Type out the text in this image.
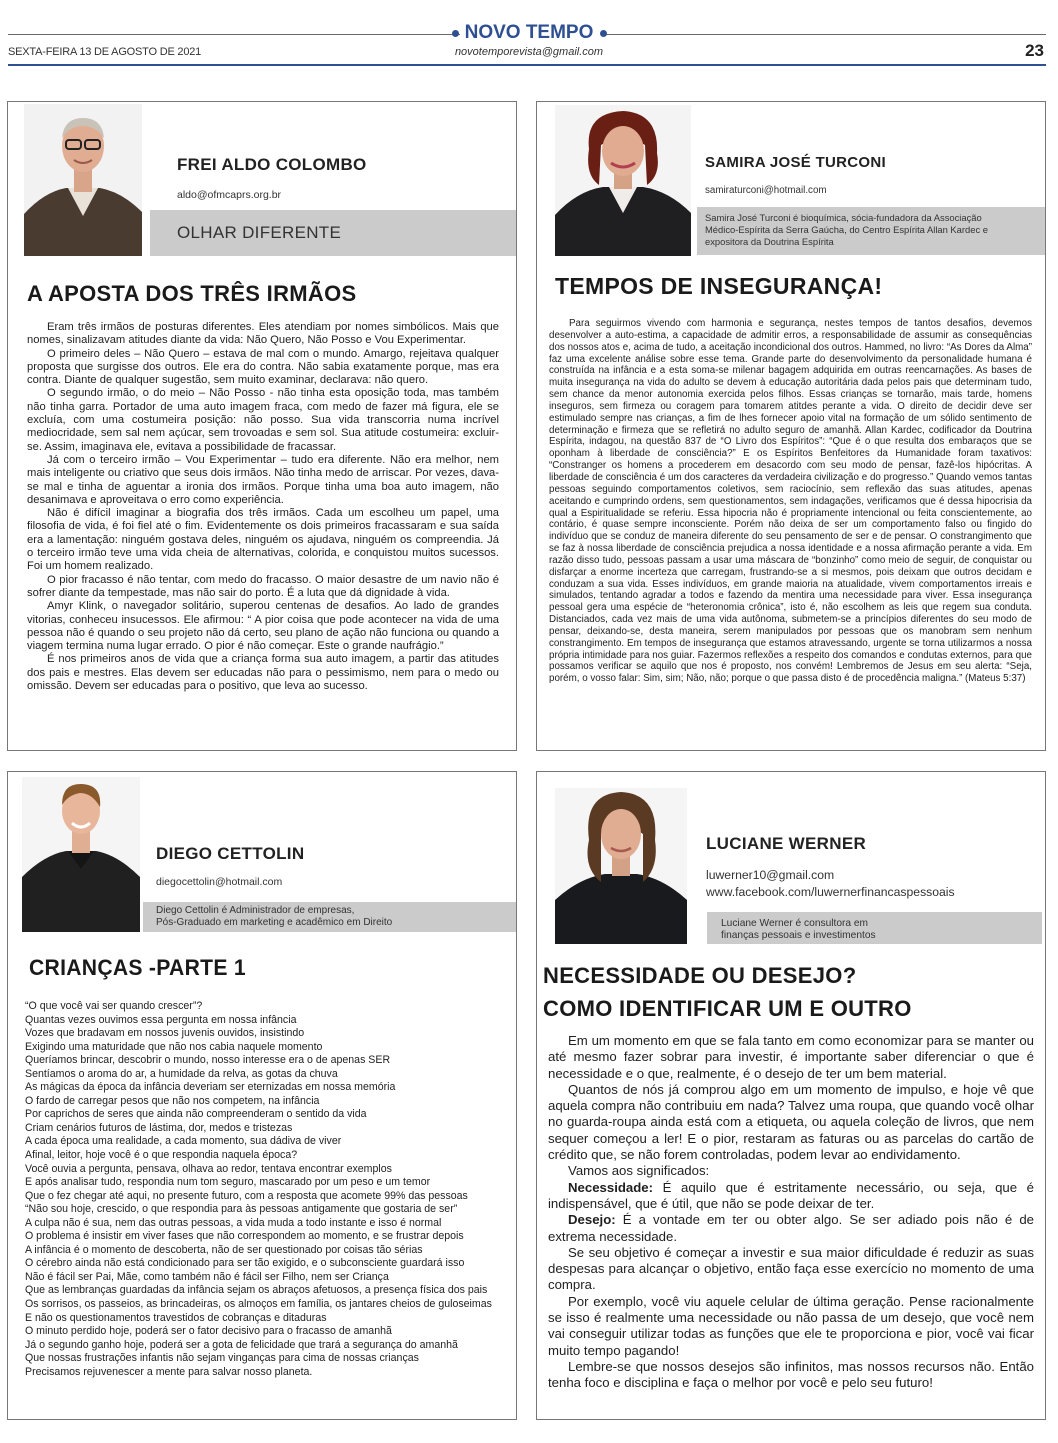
NOVO TEMPO
SEXTA-FEIRA 13 DE AGOSTO DE 2021	novotemporevista@gmail.com	23
FREI ALDO COLOMBO
aldo@ofmcaprs.org.br
OLHAR DIFERENTE
A APOSTA DOS TRÊS IRMÃOS

Eram três irmãos de posturas diferentes. Eles atendiam por nomes simbólicos. Mais que nomes, sinalizavam atitudes diante da vida: Não Quero, Não Posso e Vou Experimentar.

O primeiro deles – Não Quero – estava de mal com o mundo. Amargo, rejeitava qualquer proposta que surgisse dos outros. Ele era do contra. Não sabia exatamente porque, mas era contra. Diante de qualquer sugestão, sem muito examinar, declarava: não quero.

O segundo irmão, o do meio – Não Posso - não tinha esta oposição toda, mas também não tinha garra. Portador de uma auto imagem fraca, com medo de fazer má figura, ele se excluía, com uma costumeira posição: não posso. Sua vida transcorria numa incrível mediocridade, sem sal nem açúcar, sem trovoadas e sem sol. Sua atitude costumeira: excluir-se. Assim, imaginava ele, evitava a possibilidade de fracassar.

Já com o terceiro irmão – Vou Experimentar – tudo era diferente. Não era melhor, nem mais inteligente ou criativo que seus dois irmãos. Não tinha medo de arriscar. Por vezes, dava-se mal e tinha de aguentar a ironia dos irmãos. Porque tinha uma boa auto imagem, não desanimava e aproveitava o erro como experiência.

Não é difícil imaginar a biografia dos três irmãos. Cada um escolheu um papel, uma filosofia de vida, é foi fiel até o fim. Evidentemente os dois primeiros fracassaram e sua saída era a lamentação: ninguém gostava deles, ninguém os ajudava, ninguém os compreendia. Já o terceiro irmão teve uma vida cheia de alternativas, colorida, e conquistou muitos sucessos. Foi um homem realizado.

O pior fracasso é não tentar, com medo do fracasso. O maior desastre de um navio não é sofrer diante da tempestade, mas não sair do porto. É a luta que dá dignidade à vida.

Amyr Klink, o navegador solitário, superou centenas de desafios. Ao lado de grandes vitorias, conheceu insucessos. Ele afirmou: “ A pior coisa que pode acontecer na vida de uma pessoa não é quando o seu projeto não dá certo, seu plano de ação não funciona ou quando a viagem termina numa lugar errado. O pior é não começar. Este o grande naufrágio.”

É nos primeiros anos de vida que a criança forma sua auto imagem, a partir das atitudes dos pais e mestres. Elas devem ser educadas não para o pessimismo, nem para o medo ou omissão. Devem ser educadas para o positivo, que leva ao sucesso.

SAMIRA JOSÉ TURCONI
samiraturconi@hotmail.com
Samira José Turconi é bioquímica, sócia-fundadora da Associação Médico-Espírita da Serra Gaúcha, do Centro Espírita Allan Kardec e expositora da Doutrina Espírita
TEMPOS DE INSEGURANÇA!

Para seguirmos vivendo com harmonia e segurança, nestes tempos de tantos desafios, devemos desenvolver a auto-estima, a capacidade de admitir erros, a responsabilidade de assumir as consequências dos nossos atos e, acima de tudo, a aceitação incondicional dos outros. Hammed, no livro: “As Dores da Alma” faz uma excelente análise sobre esse tema. Grande parte do desenvolvimento da personalidade humana é construída na infância e a esta soma-se milenar bagagem adquirida em outras reencarnações. As bases de muita insegurança na vida do adulto se devem à educação autoritária dada pelos pais que determinam tudo, sem chance da menor autonomia exercida pelos filhos. Essas crianças se tornarão, mais tarde, homens inseguros, sem firmeza ou coragem para tomarem atitdes perante a vida. O direito de decidir deve ser estimulado sempre nas crianças, a fim de lhes fornecer apoio vital na formação de um sólido sentimento de determinação e firmeza que se refletirá no adulto seguro de amanhã. Allan Kardec, codificador da Doutrina Espírita, indagou, na questão 837 de “O Livro dos Espíritos”: “Que é o que resulta dos embaraços que se oponham à liberdade de consciência?” E os Espíritos Benfeitores da Humanidade foram taxativos: “Constranger os homens a procederem em desacordo com seu modo de pensar, fazê-los hipócritas. A liberdade de consciência é um dos caracteres da verdadeira civilização e do progresso.” Quando vemos tantas pessoas seguindo comportamentos coletivos, sem raciocínio, sem reflexão das suas atitudes, apenas aceitando e cumprindo ordens, sem questionamentos, sem indagações, verificamos que é dessa hipocrisia da qual a Espiritualidade se referiu. Essa hipocria não é propriamente intencional ou feita conscientemente, ao contário, é quase sempre inconsciente. Porém não deixa de ser um comportamento falso ou fingido do indivíduo que se conduz de maneira diferente do seu pensamento de ser e de pensar. O constrangimento que se faz à nossa liberdade de consciência prejudica a nossa identidade e a nossa afirmação perante a vida. Em razão disso tudo, pessoas passam a usar uma máscara de “bonzinho” como meio de seguir, de conquistar ou disfarçar a enorme incerteza que carregam, frustrando-se a si mesmos, pois deixam que outros decidam e conduzam a sua vida. Esses indivíduos, em grande maioria na atualidade, vivem comportamentos irreais e simulados, tentando agradar a todos e fazendo da mentira uma necessidade para viver. Essa insegurança pessoal gera uma espécie de “heteronomia crônica”, isto é, não escolhem as leis que regem sua conduta. Distanciados, cada vez mais de uma vida autônoma, submetem-se a princípios diferentes do seu modo de pensar, deixando-se, desta maneira, serem manipulados por pessoas que os manobram sem nenhum constrangimento. Em tempos de insegurança que estamos atravessando, urgente se torna utilizarmos a nossa própria intimidade para nos guiar. Fazermos reflexões a respeito dos comandos e condutas externos, para que possamos verificar se aquilo que nos é proposto, nos convém! Lembremos de Jesus em seu alerta: “Seja, porém, o vosso falar: Sim, sim; Não, não; porque o que passa disto é de procedência maligna.” (Mateus 5:37)

DIEGO CETTOLIN
diegocettolin@hotmail.com
Diego Cettolin é Administrador de empresas,
Pós-Graduado em marketing e acadêmico em Direito
CRIANÇAS -PARTE 1

“O que você vai ser quando crescer”?

Quantas vezes ouvimos essa pergunta em nossa infância

Vozes que bradavam em nossos juvenis ouvidos, insistindo

Exigindo uma maturidade que não nos cabia naquele momento

Queríamos brincar, descobrir o mundo, nosso interesse era o de apenas SER

Sentíamos o aroma do ar, a humidade da relva, as gotas da chuva

As mágicas da época da infância deveriam ser eternizadas em nossa memória

O fardo de carregar pesos que não nos competem, na infância

Por caprichos de seres que ainda não compreenderam o sentido da vida

Criam cenários futuros de lástima, dor, medos e tristezas

A cada época uma realidade, a cada momento, sua dádiva de viver

Afinal, leitor, hoje você é o que respondia naquela época?

Você ouvia a pergunta, pensava, olhava ao redor, tentava encontrar exemplos

E após analisar tudo, respondia num tom seguro, mascarado por um peso e um temor

Que o fez chegar até aqui, no presente futuro, com a resposta que acomete 99% das pessoas

“Não sou hoje, crescido, o que respondia para às pessoas antigamente que gostaria de ser”

A culpa não é sua, nem das outras pessoas, a vida muda a todo instante e isso é normal

O problema é insistir em viver fases que não correspondem ao momento, e se frustrar depois

A infância é o momento de descoberta, não de ser questionado por coisas tão sérias

O cérebro ainda não está condicionado para ser tão exigido, e o subconsciente guardará isso

Não é fácil ser Pai, Mãe, como também não é fácil ser Filho, nem ser Criança

Que as lembranças guardadas da infância sejam os abraços afetuosos, a presença física dos pais

Os sorrisos, os passeios, as brincadeiras, os almoços em família, os jantares cheios de guloseimas

E não os questionamentos travestidos de cobranças e ditaduras

O minuto perdido hoje, poderá ser o fator decisivo para o fracasso de amanhã

Já o segundo ganho hoje, poderá ser a gota de felicidade que trará a segurança do amanhã

Que nossas frustrações infantis não sejam vinganças para cima de nossas crianças

Precisamos rejuvenescer a mente para salvar nosso planeta.

LUCIANE WERNER
luwerner10@gmail.com
www.facebook.com/luwernerfinancaspessoais
Luciane Werner é consultora em
finanças pessoais e investimentos
NECESSIDADE OU DESEJO?
COMO IDENTIFICAR UM E OUTRO

Em um momento em que se fala tanto em como economizar para se manter ou até mesmo fazer sobrar para investir, é importante saber diferenciar o que é necessidade e o que, realmente, é o desejo de ter um bem material.

Quantos de nós já comprou algo em um momento de impulso, e hoje vê que aquela compra não contribuiu em nada? Talvez uma roupa, que quando você olhar no guarda-roupa ainda está com a etiqueta, ou aquela coleção de livros, que nem sequer começou a ler! E o pior, restaram as faturas ou as parcelas do cartão de crédito que, se não forem controladas, podem levar ao endividamento.

Vamos aos significados:

Necessidade: É aquilo que é estritamente necessário, ou seja, que é indispensável, que é útil, que não se pode deixar de ter.

Desejo: É a vontade em ter ou obter algo. Se ser adiado pois não é de extrema necessidade.

Se seu objetivo é começar a investir e sua maior dificuldade é reduzir as suas despesas para alcançar o objetivo, então faça esse exercício no momento de uma compra.

Por exemplo, você viu aquele celular de última geração. Pense racionalmente se isso é realmente uma necessidade ou não passa de um desejo, que você nem vai conseguir utilizar todas as funções que ele te proporciona e pior, você vai ficar muito tempo pagando!

Lembre-se que nossos desejos são infinitos, mas nossos recursos não. Então tenha foco e disciplina e faça o melhor por você e pelo seu futuro!
